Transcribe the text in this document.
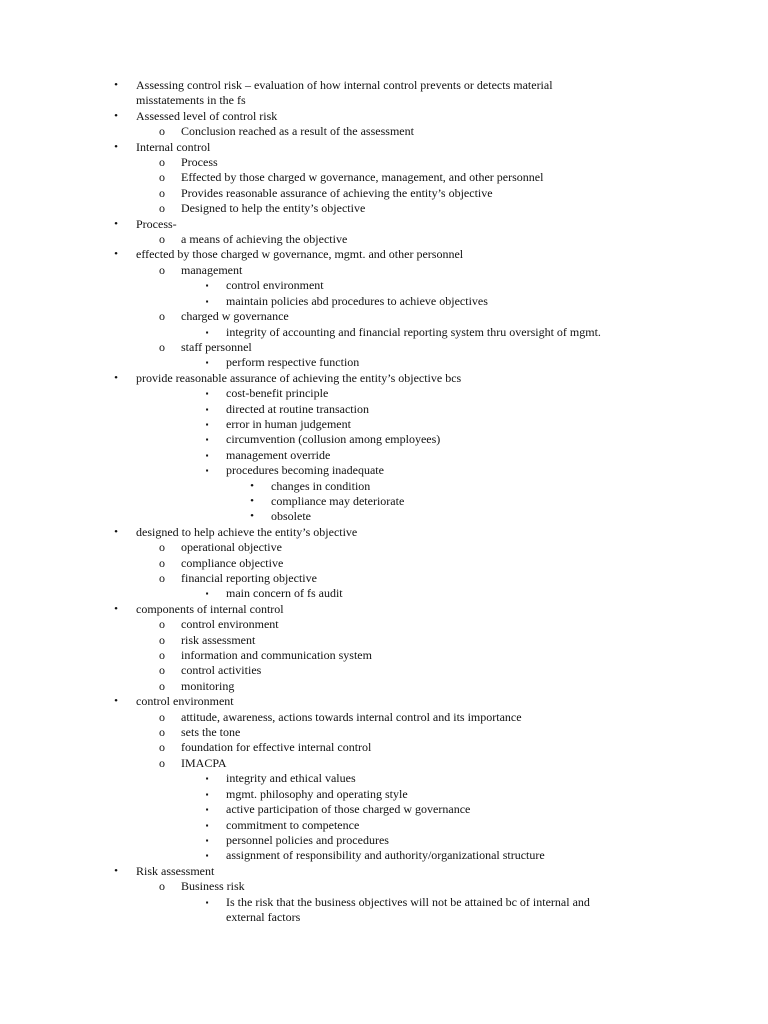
•	Assessing control risk – evaluation of how internal control prevents or detects material
misstatements in the fs
•	Assessed level of control risk
o	Conclusion reached as a result of the assessment
•	Internal control
o	Process
o	Effected by those charged w governance, management, and other personnel
o	Provides reasonable assurance of achieving the entity’s objective
o	Designed to help the entity’s objective
•	Process-
o	a means of achieving the objective
•	effected by those charged w governance, mgmt. and other personnel
o	management
▪	control environment
▪	maintain policies abd procedures to achieve objectives
o	charged w governance
▪	integrity of accounting and financial reporting system thru oversight of mgmt.
o	staff personnel
▪	perform respective function
•	provide reasonable assurance of achieving the entity’s objective bcs
▪	cost-benefit principle
▪	directed at routine transaction
▪	error in human judgement
▪	circumvention (collusion among employees)
▪	management override
▪	procedures becoming inadequate
•	changes in condition
•	compliance may deteriorate
•	obsolete
•	designed to help achieve the entity’s objective
o	operational objective
o	compliance objective
o	financial reporting objective
▪	main concern of fs audit
•	components of internal control
o	control environment
o	risk assessment
o	information and communication system
o	control activities
o	monitoring
•	control environment
o	attitude, awareness, actions towards internal control and its importance
o	sets the tone
o	foundation for effective internal control
o	IMACPA
▪	integrity and ethical values
▪	mgmt. philosophy and operating style
▪	active participation of those charged w governance
▪	commitment to competence
▪	personnel policies and procedures
▪	assignment of responsibility and authority/organizational structure
•	Risk assessment
o	Business risk
▪	Is the risk that the business objectives will not be attained bc of internal and
external factors
